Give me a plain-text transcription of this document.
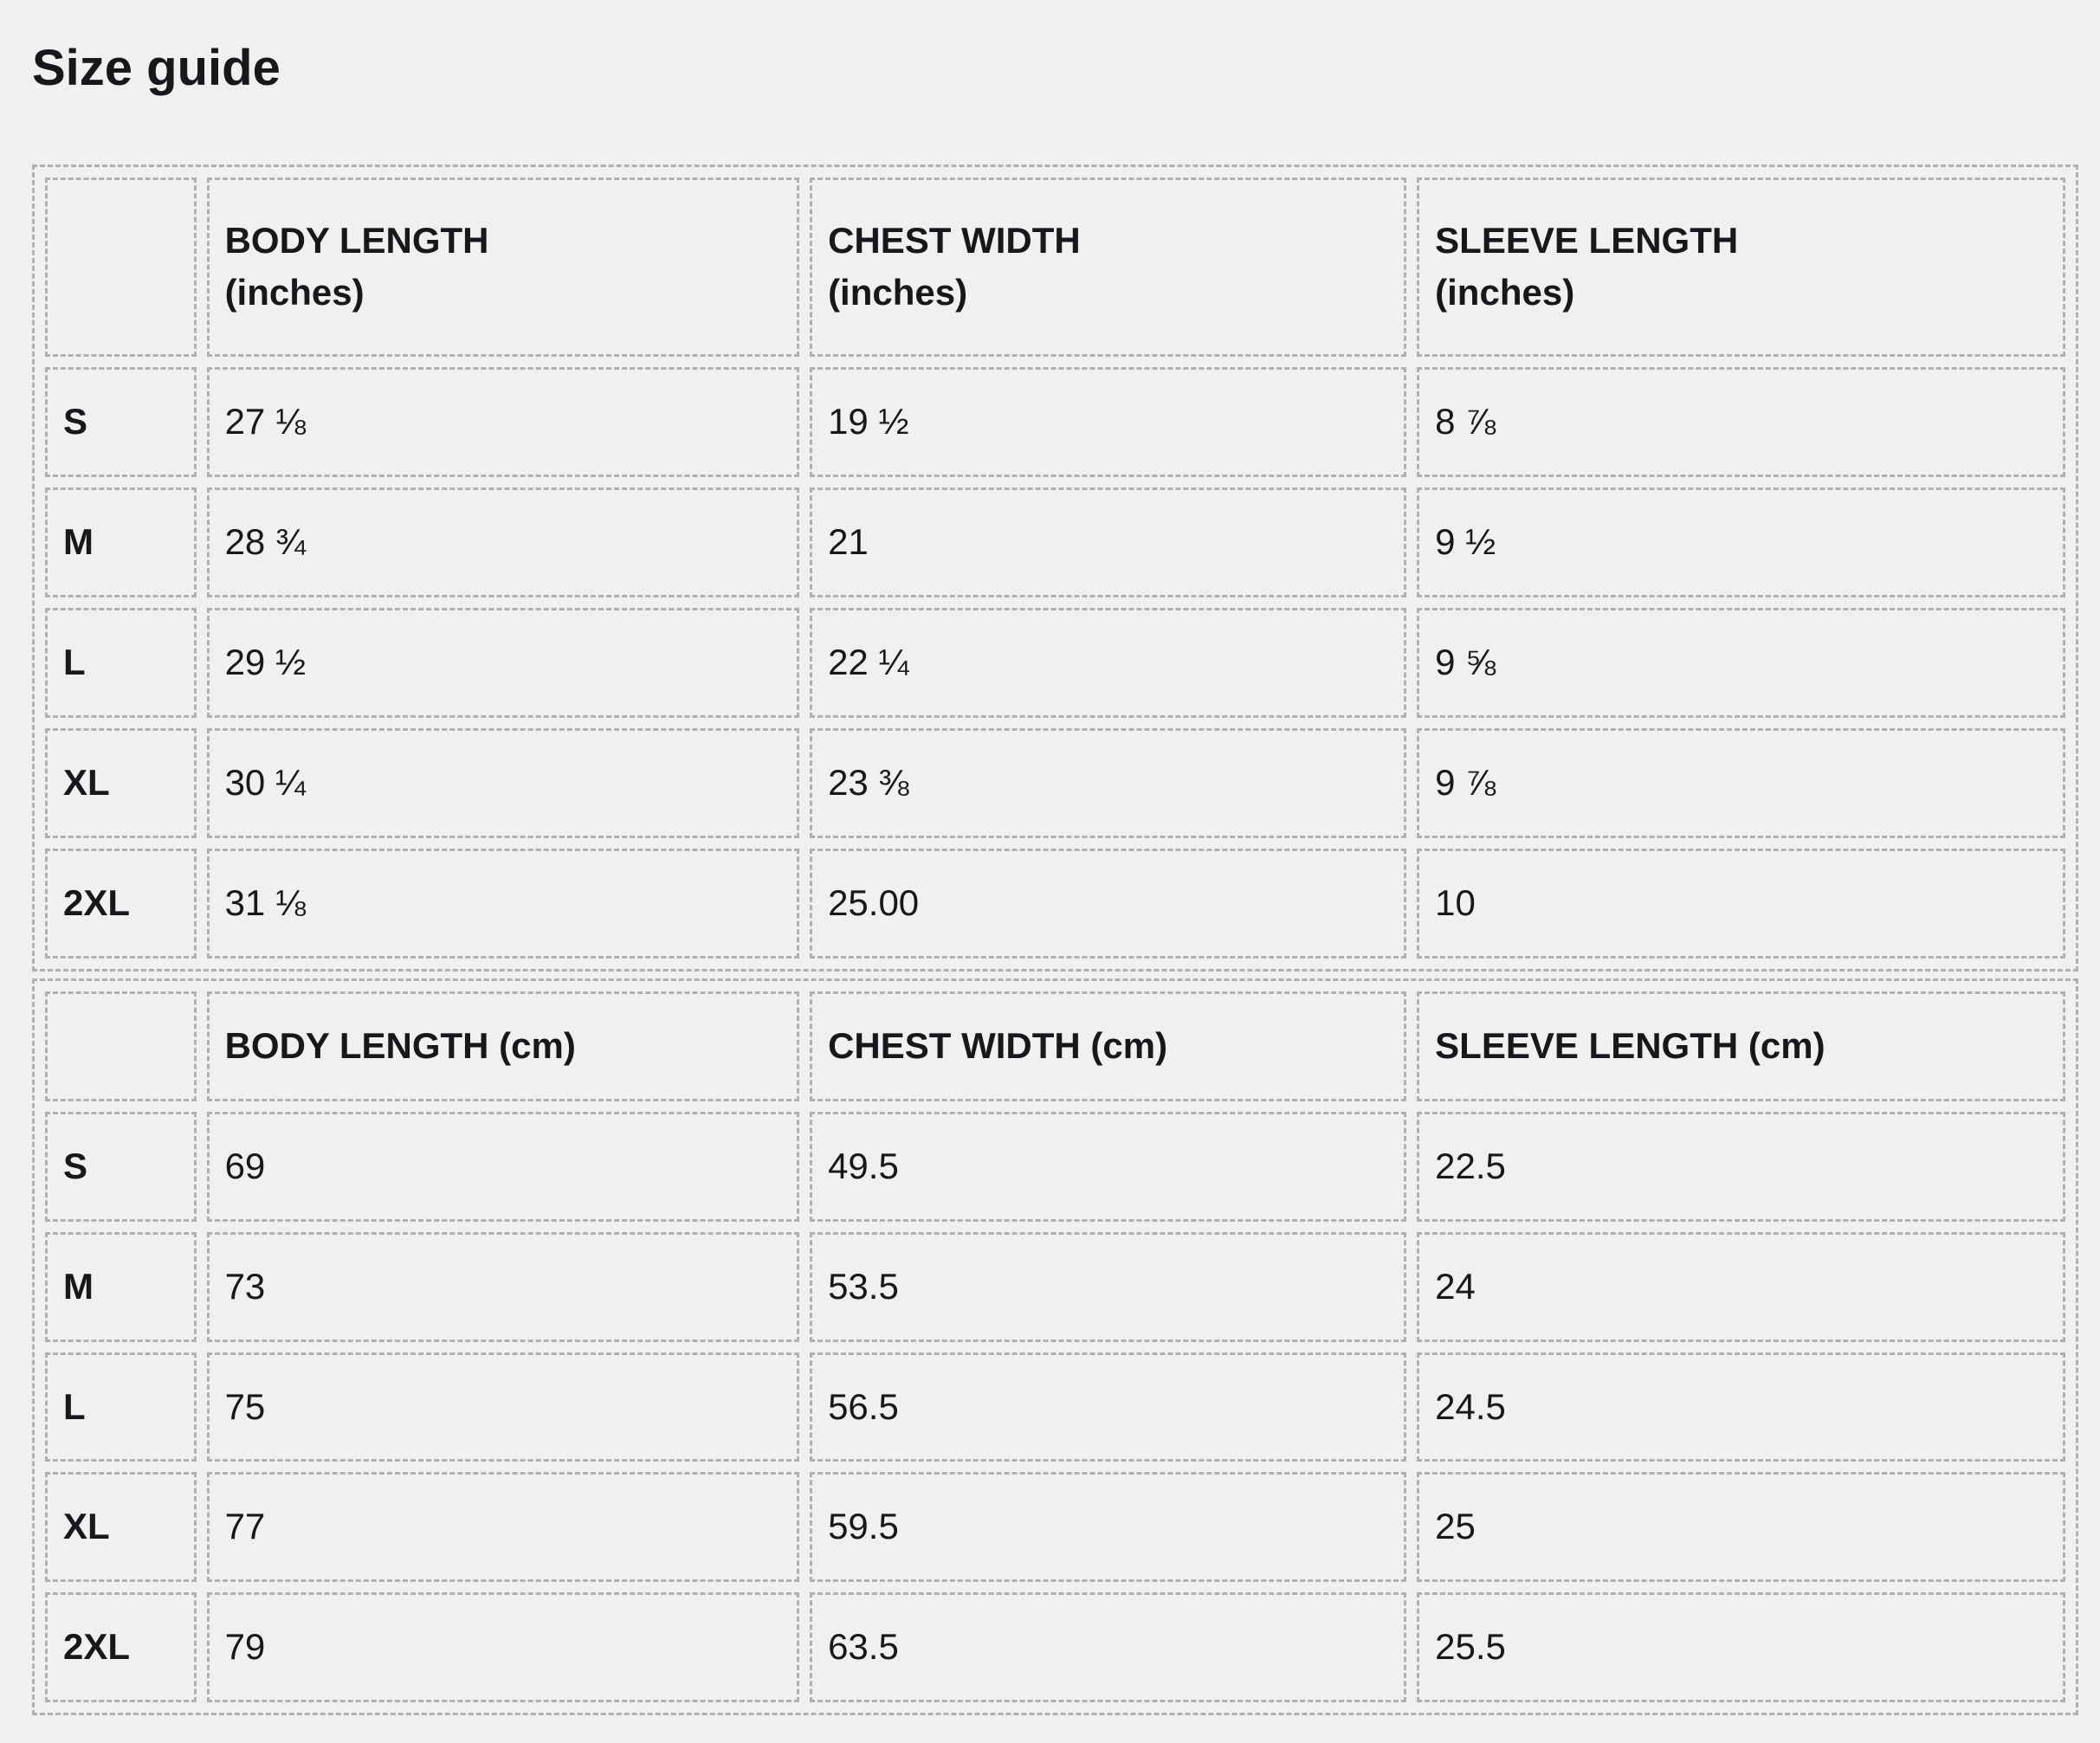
Size guide

	BODY LENGTH
(inches)	CHEST WIDTH
(inches)	SLEEVE LENGTH
(inches)

S	27 ⅛	19 ½	8 ⅞
M	28 ¾	21	9 ½
L	29 ½	22 ¼	9 ⅝
XL	30 ¼	23 ⅜	9 ⅞
2XL	31 ⅛	25.00	10

	BODY LENGTH (cm)	CHEST WIDTH (cm)	SLEEVE LENGTH (cm)

S	69	49.5	22.5
M	73	53.5	24
L	75	56.5	24.5
XL	77	59.5	25
2XL	79	63.5	25.5
